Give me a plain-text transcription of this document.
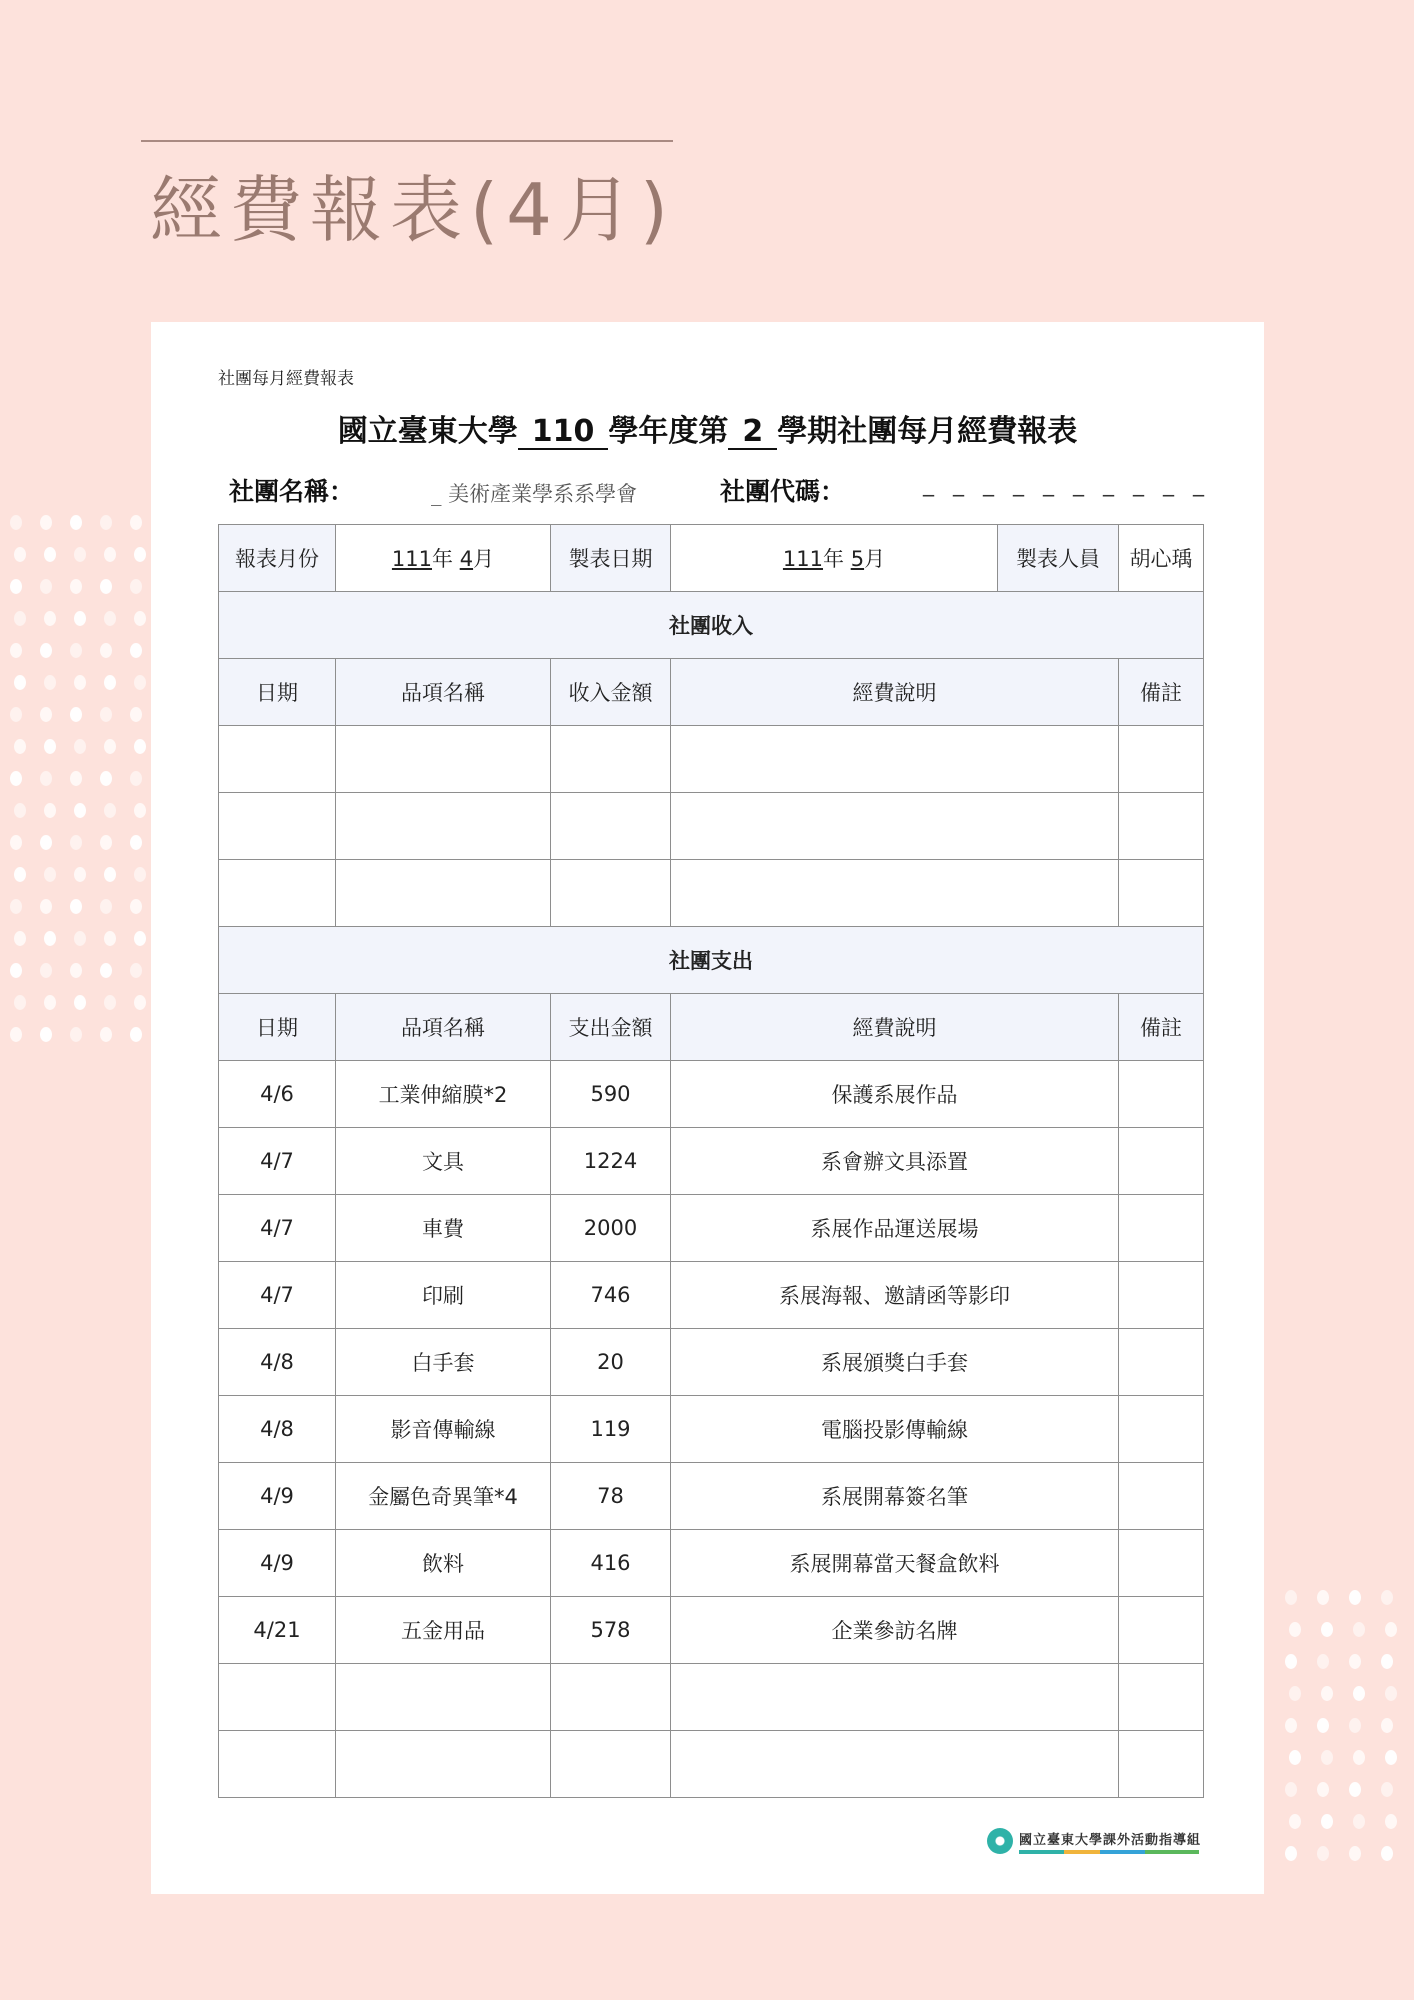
經費報表(4月)
社團每月經費報表
國立臺東大學 110 學年度第 2 學期社團每月經費報表
社團名稱：	_ 美術產業學系系學會	社團代碼：	_ _ _ _ _ _ _ _ _ _
報表月份	111年 4月	製表日期	111年 5月	製表人員	胡心瑀
社團收入					
日期	品項名稱	收入金額	經費說明		備註

社團支出					
日期	品項名稱	支出金額	經費說明		備註
4/6	工業伸縮膜*2	590	保護系展作品		
4/7	文具	1224	系會辦文具添置		
4/7	車費	2000	系展作品運送展場		
4/7	印刷	746	系展海報、邀請函等影印		
4/8	白手套	20	系展頒獎白手套		
4/8	影音傳輸線	119	電腦投影傳輸線		
4/9	金屬色奇異筆*4	78	系展開幕簽名筆		
4/9	飲料	416	系展開幕當天餐盒飲料		
4/21	五金用品	578	企業參訪名牌		

國立臺東大學課外活動指導組
